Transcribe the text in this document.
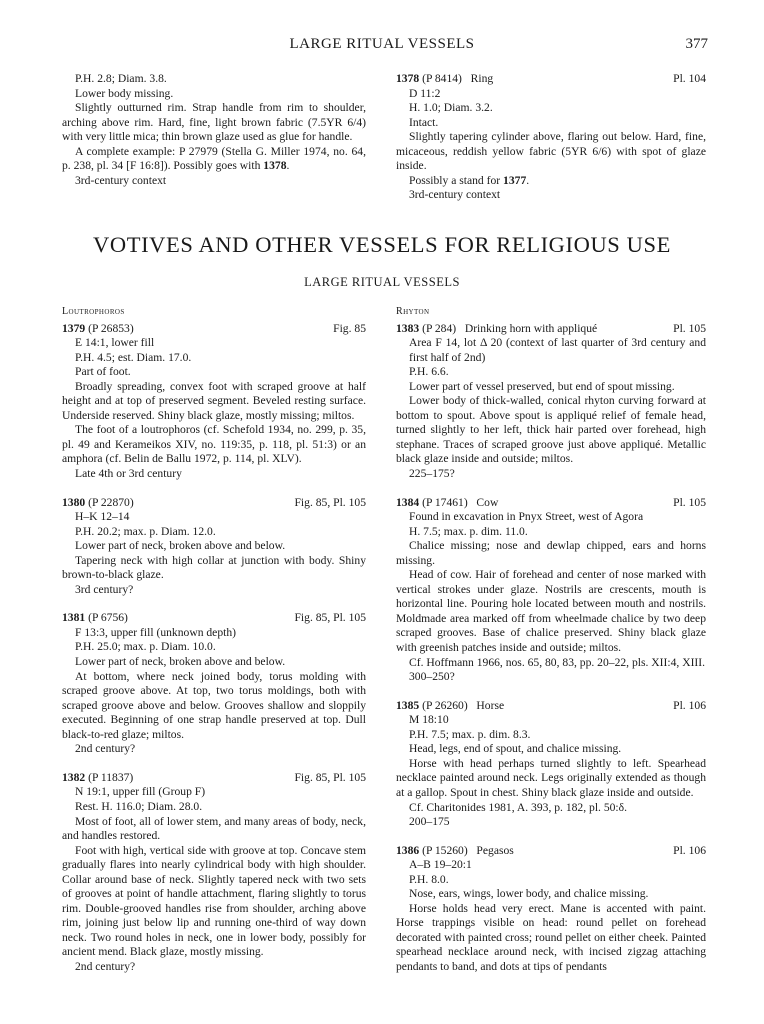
LARGE RITUAL VESSELS	377

P.H. 2.8; Diam. 3.8.

Lower body missing.

Slightly outturned rim. Strap handle from rim to shoulder, arching above rim. Hard, fine, light brown fabric (7.5YR 6/4) with very little mica; thin brown glaze used as glue for handle.

A complete example: P 27979 (Stella G. Miller 1974, no. 64, p. 238, pl. 34 [F 16:8]). Possibly goes with 1378.

3rd-century context

1378 (P 8414) Ring	Pl. 104

D 11:2

H. 1.0; Diam. 3.2.

Intact.

Slightly tapering cylinder above, flaring out below. Hard, fine, micaceous, reddish yellow fabric (5YR 6/6) with spot of glaze inside.

Possibly a stand for 1377.

3rd-century context

VOTIVES AND OTHER VESSELS FOR RELIGIOUS USE
LARGE RITUAL VESSELS
Loutrophoros
1379 (P 26853)	Fig. 85

E 14:1, lower fill

P.H. 4.5; est. Diam. 17.0.

Part of foot.

Broadly spreading, convex foot with scraped groove at half height and at top of preserved segment. Beveled resting surface. Underside reserved. Shiny black glaze, mostly missing; miltos.

The foot of a loutrophoros (cf. Schefold 1934, no. 299, p. 35, pl. 49 and Kerameikos XIV, no. 119:35, p. 118, pl. 51:3) or an amphora (cf. Belin de Ballu 1972, p. 114, pl. XLV).

Late 4th or 3rd century

1380 (P 22870)	Fig. 85, Pl. 105

H–K 12–14

P.H. 20.2; max. p. Diam. 12.0.

Lower part of neck, broken above and below.

Tapering neck with high collar at junction with body. Shiny brown-to-black glaze.

3rd century?

1381 (P 6756)	Fig. 85, Pl. 105

F 13:3, upper fill (unknown depth)

P.H. 25.0; max. p. Diam. 10.0.

Lower part of neck, broken above and below.

At bottom, where neck joined body, torus molding with scraped groove above. At top, two torus moldings, both with scraped groove above and below. Grooves shallow and sloppily executed. Beginning of one strap handle preserved at top. Dull black-to-red glaze; miltos.

2nd century?

1382 (P 11837)	Fig. 85, Pl. 105

N 19:1, upper fill (Group F)

Rest. H. 116.0; Diam. 28.0.

Most of foot, all of lower stem, and many areas of body, neck, and handles restored.

Foot with high, vertical side with groove at top. Concave stem gradually flares into nearly cylindrical body with high shoulder. Collar around base of neck. Slightly tapered neck with two sets of grooves at point of handle attachment, flaring slightly to torus rim. Double-grooved handles rise from shoulder, arching above rim, joining just below lip and running one-third of way down neck. Two round holes in neck, one in lower body, possibly for ancient mend. Black glaze, mostly missing.

2nd century?

Rhyton
1383 (P 284) Drinking horn with appliqué	Pl. 105

Area F 14, lot Δ 20 (context of last quarter of 3rd century and first half of 2nd)

P.H. 6.6.

Lower part of vessel preserved, but end of spout missing.

Lower body of thick-walled, conical rhyton curving forward at bottom to spout. Above spout is appliqué relief of female head, turned slightly to her left, thick hair parted over forehead, high stephane. Traces of scraped groove just above appliqué. Metallic black glaze inside and outside; miltos.

225–175?

1384 (P 17461) Cow	Pl. 105

Found in excavation in Pnyx Street, west of Agora

H. 7.5; max. p. dim. 11.0.

Chalice missing; nose and dewlap chipped, ears and horns missing.

Head of cow. Hair of forehead and center of nose marked with vertical strokes under glaze. Nostrils are crescents, mouth is horizontal line. Pouring hole located between mouth and nostrils. Moldmade area marked off from wheelmade chalice by two deep scraped grooves. Base of chalice preserved. Shiny black glaze with greenish patches inside and outside; miltos.

Cf. Hoffmann 1966, nos. 65, 80, 83, pp. 20–22, pls. XII:4, XIII.

300–250?

1385 (P 26260) Horse	Pl. 106

M 18:10

P.H. 7.5; max. p. dim. 8.3.

Head, legs, end of spout, and chalice missing.

Horse with head perhaps turned slightly to left. Spearhead necklace painted around neck. Legs originally extended as though at a gallop. Spout in chest. Shiny black glaze inside and outside.

Cf. Charitonides 1981, A. 393, p. 182, pl. 50:δ.

200–175

1386 (P 15260) Pegasos	Pl. 106

A–B 19–20:1

P.H. 8.0.

Nose, ears, wings, lower body, and chalice missing.

Horse holds head very erect. Mane is accented with paint. Horse trappings visible on head: round pellet on forehead decorated with painted cross; round pellet on either cheek. Painted spearhead necklace around neck, with incised zigzag attaching pendants to band, and dots at tips of pendants
